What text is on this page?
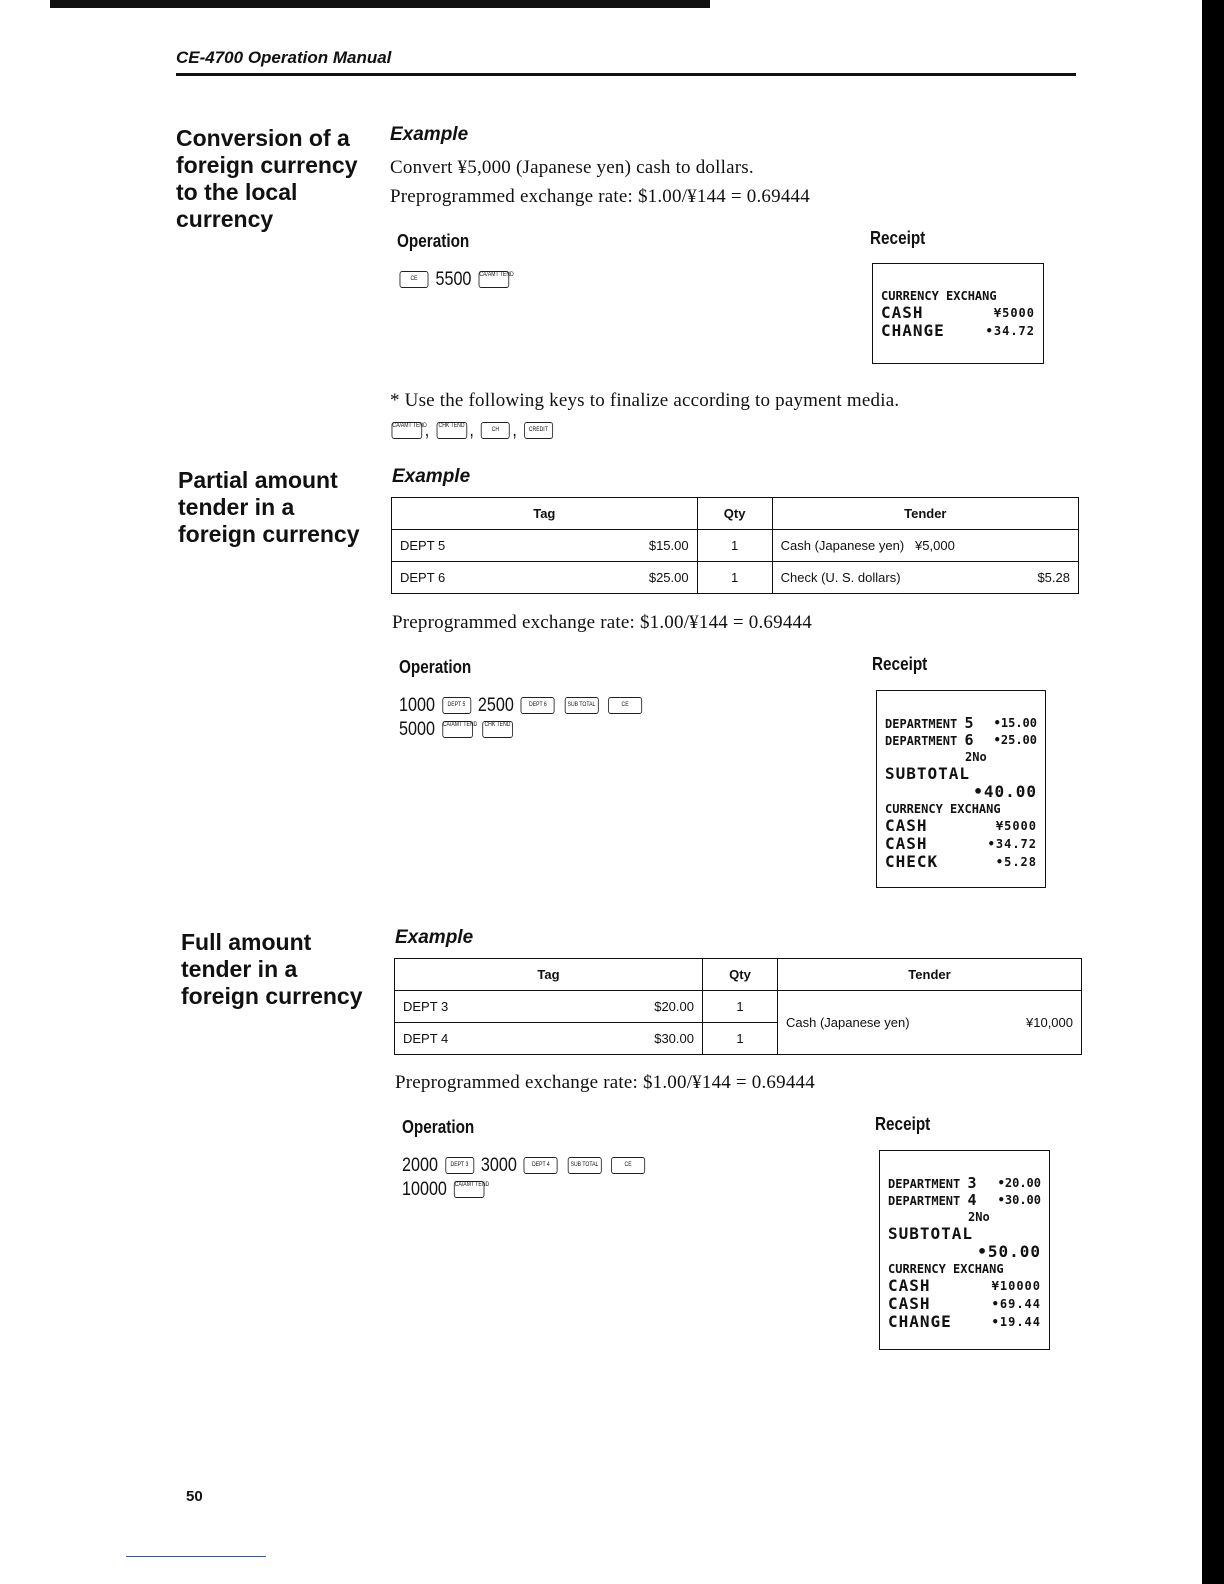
CE-4700 Operation Manual
Conversion of a
foreign currency
to the local
currency
Example
Convert ¥5,000 (Japanese yen) cash to dollars.
Preprogrammed exchange rate: $1.00/¥144 = 0.69444
Operation	Receipt
CE 5500 CA/AMT TEND
CURRENCY EXCHANG
CASH	¥5000
CHANGE	•34.72
* Use the following keys to finalize according to payment media.
CA/AMT TEND, CHK TEND , CH , CREDIT
Partial amount
tender in a
foreign currency
Example
Tag		Qty	Tender
DEPT 5	$15.00	1	Cash (Japanese yen) ¥5,000
DEPT 6	$25.00	1	Check (U. S. dollars) $5.28
Preprogrammed exchange rate: $1.00/¥144 = 0.69444
Operation	Receipt
1000 DEPT 5 2500	DEPT 6	SUB TOTAL	CE
5000 CA/AMT TEND CHK TEND	DEPARTMENT 5 •15.00
DEPARTMENT 6 •25.00
2No
SUBTOTAL
•40.00
CURRENCY EXCHANG
CASH	¥5000
CASH	•34.72
CHECK	•5.28
Full amount
tender in a
foreign currency
Example
Tag		Qty	Tender
DEPT 3	$20.00	1	Cash (Japanese yen) ¥10,000

DEPT 4	$30.00	1	
Preprogrammed exchange rate: $1.00/¥144 = 0.69444
Operation	Receipt
2000 DEPT 3 3000	DEPT 4	SUB TOTAL	CE
10000 CA/AMT TEND	DEPARTMENT 3 •20.00
DEPARTMENT 4 •30.00
2No
SUBTOTAL
•50.00
CURRENCY EXCHANG
CASH	¥10000
CASH	•69.44
CHANGE	•19.44
50
